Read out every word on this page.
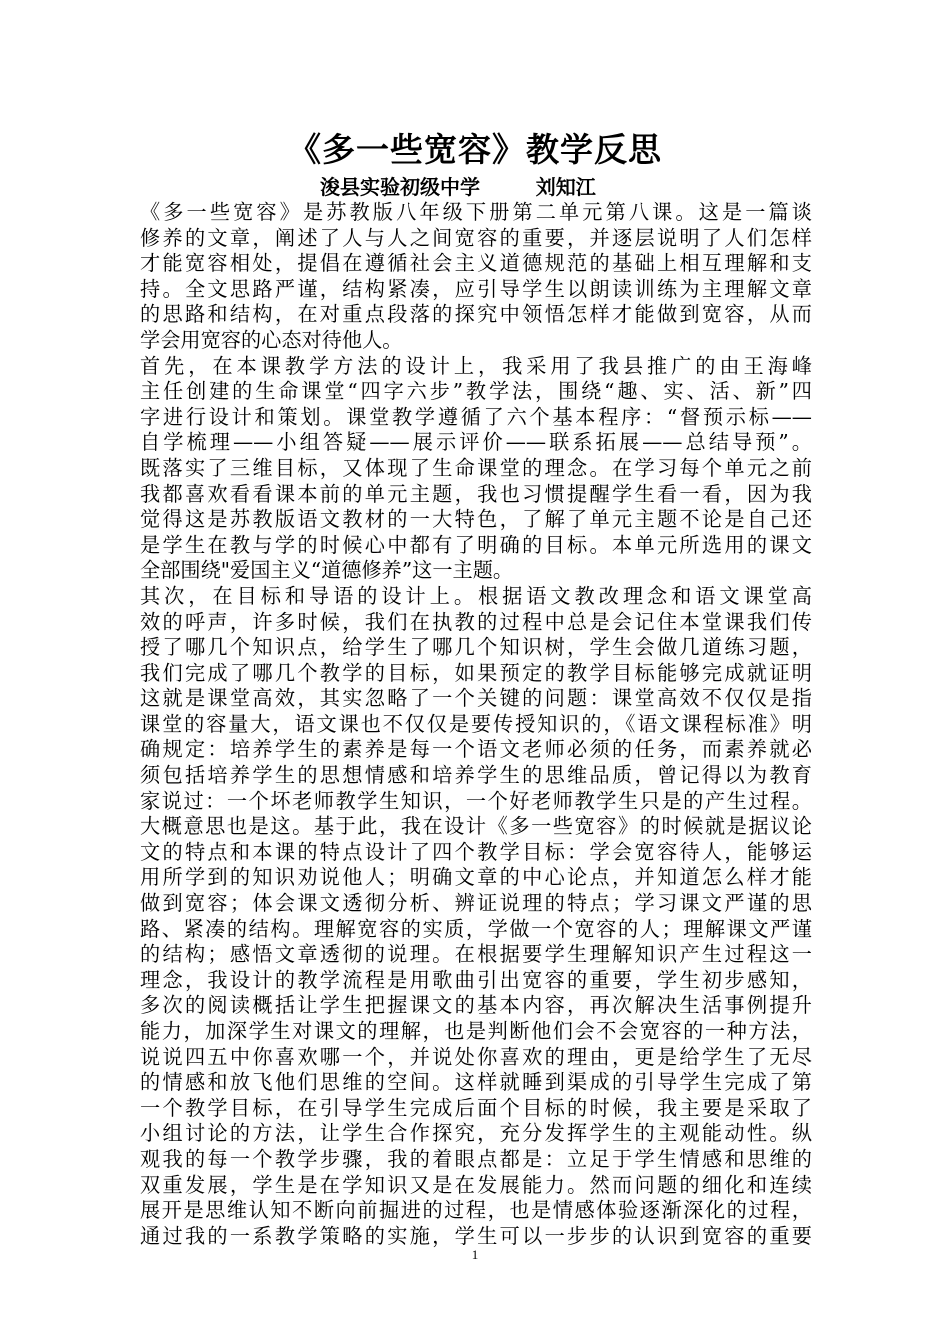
《多一些宽容》教学反思
浚县实验初级中学        刘知江
《多一些宽容》是苏教版八年级下册第二单元第八课。这是一篇谈
修养的文章，阐述了人与人之间宽容的重要，并逐层说明了人们怎样
才能宽容相处，提倡在遵循社会主义道德规范的基础上相互理解和支
持。全文思路严谨，结构紧凑，应引导学生以朗读训练为主理解文章
的思路和结构，在对重点段落的探究中领悟怎样才能做到宽容，从而
学会用宽容的心态对待他人。
首先，在本课教学方法的设计上，我采用了我县推广的由王海峰
主任创建的生命课堂“四字六步”教学法，围绕“趣、实、活、新”四
字进行设计和策划。课堂教学遵循了六个基本程序：“督预示标——
自学梳理——小组答疑——展示评价——联系拓展——总结导预”。
既落实了三维目标，又体现了生命课堂的理念。在学习每个单元之前
我都喜欢看看课本前的单元主题，我也习惯提醒学生看一看，因为我
觉得这是苏教版语文教材的一大特色，了解了单元主题不论是自己还
是学生在教与学的时候心中都有了明确的目标。本单元所选用的课文
全部围绕"爱国主义“道德修养”这一主题。
其次，在目标和导语的设计上。根据语文教改理念和语文课堂高
效的呼声，许多时候，我们在执教的过程中总是会记住本堂课我们传
授了哪几个知识点，给学生了哪几个知识树，学生会做几道练习题，
我们完成了哪几个教学的目标，如果预定的教学目标能够完成就证明
这就是课堂高效，其实忽略了一个关键的问题：课堂高效不仅仅是指
课堂的容量大，语文课也不仅仅是要传授知识的，《语文课程标准》明
确规定：培养学生的素养是每一个语文老师必须的任务，而素养就必
须包括培养学生的思想情感和培养学生的思维品质，曾记得以为教育
家说过：一个坏老师教学生知识，一个好老师教学生只是的产生过程。
大概意思也是这。基于此，我在设计《多一些宽容》的时候就是据议论
文的特点和本课的特点设计了四个教学目标：学会宽容待人，能够运
用所学到的知识劝说他人；明确文章的中心论点，并知道怎么样才能
做到宽容；体会课文透彻分析、辨证说理的特点；学习课文严谨的思
路、紧凑的结构。理解宽容的实质，学做一个宽容的人；理解课文严谨
的结构；感悟文章透彻的说理。在根据要学生理解知识产生过程这一
理念，我设计的教学流程是用歌曲引出宽容的重要，学生初步感知，
多次的阅读概括让学生把握课文的基本内容，再次解决生活事例提升
能力，加深学生对课文的理解，也是判断他们会不会宽容的一种方法，
说说四五中你喜欢哪一个，并说处你喜欢的理由，更是给学生了无尽
的情感和放飞他们思维的空间。这样就睡到渠成的引导学生完成了第
一个教学目标，在引导学生完成后面个目标的时候，我主要是采取了
小组讨论的方法，让学生合作探究，充分发挥学生的主观能动性。纵
观我的每一个教学步骤，我的着眼点都是：立足于学生情感和思维的
双重发展，学生是在学知识又是在发展能力。然而问题的细化和连续
展开是思维认知不断向前掘进的过程，也是情感体验逐渐深化的过程，
通过我的一系教学策略的实施，学生可以一步步的认识到宽容的重要
1
